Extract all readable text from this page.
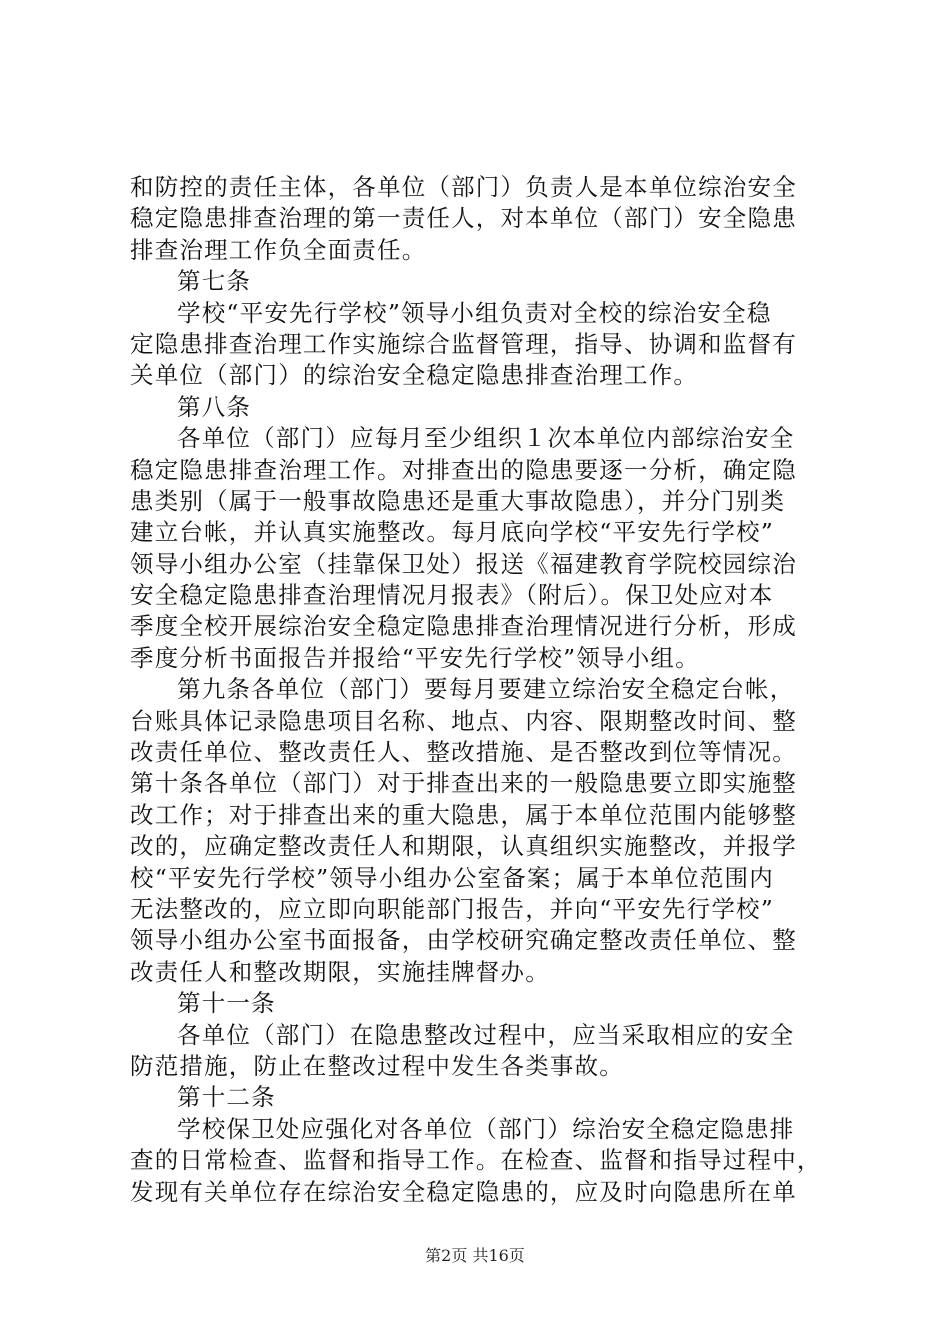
和防控的责任主体，各单位（部门）负责人是本单位综治安全
稳定隐患排查治理的第一责任人，对本单位（部门）安全隐患
排查治理工作负全面责任。
第七条
学校“平安先行学校”领导小组负责对全校的综治安全稳
定隐患排查治理工作实施综合监督管理，指导、协调和监督有
关单位（部门）的综治安全稳定隐患排查治理工作。
第八条
各单位（部门）应每月至少组织１次本单位内部综治安全
稳定隐患排查治理工作。对排查出的隐患要逐一分析，确定隐
患类别（属于一般事故隐患还是重大事故隐患），并分门别类
建立台帐，并认真实施整改。每月底向学校“平安先行学校”
领导小组办公室（挂靠保卫处）报送《福建教育学院校园综治
安全稳定隐患排查治理情况月报表》（附后）。保卫处应对本
季度全校开展综治安全稳定隐患排查治理情况进行分析，形成
季度分析书面报告并报给“平安先行学校”领导小组。
第九条各单位（部门）要每月要建立综治安全稳定台帐，
台账具体记录隐患项目名称、地点、内容、限期整改时间、整
改责任单位、整改责任人、整改措施、是否整改到位等情况。
第十条各单位（部门）对于排查出来的一般隐患要立即实施整
改工作；对于排查出来的重大隐患，属于本单位范围内能够整
改的，应确定整改责任人和期限，认真组织实施整改，并报学
校“平安先行学校”领导小组办公室备案；属于本单位范围内
无法整改的，应立即向职能部门报告，并向“平安先行学校”
领导小组办公室书面报备，由学校研究确定整改责任单位、整
改责任人和整改期限，实施挂牌督办。
第十一条
各单位（部门）在隐患整改过程中，应当采取相应的安全
防范措施，防止在整改过程中发生各类事故。
第十二条
学校保卫处应强化对各单位（部门）综治安全稳定隐患排
查的日常检查、监督和指导工作。在检查、监督和指导过程中，
发现有关单位存在综治安全稳定隐患的，应及时向隐患所在单
第2页 共16页
